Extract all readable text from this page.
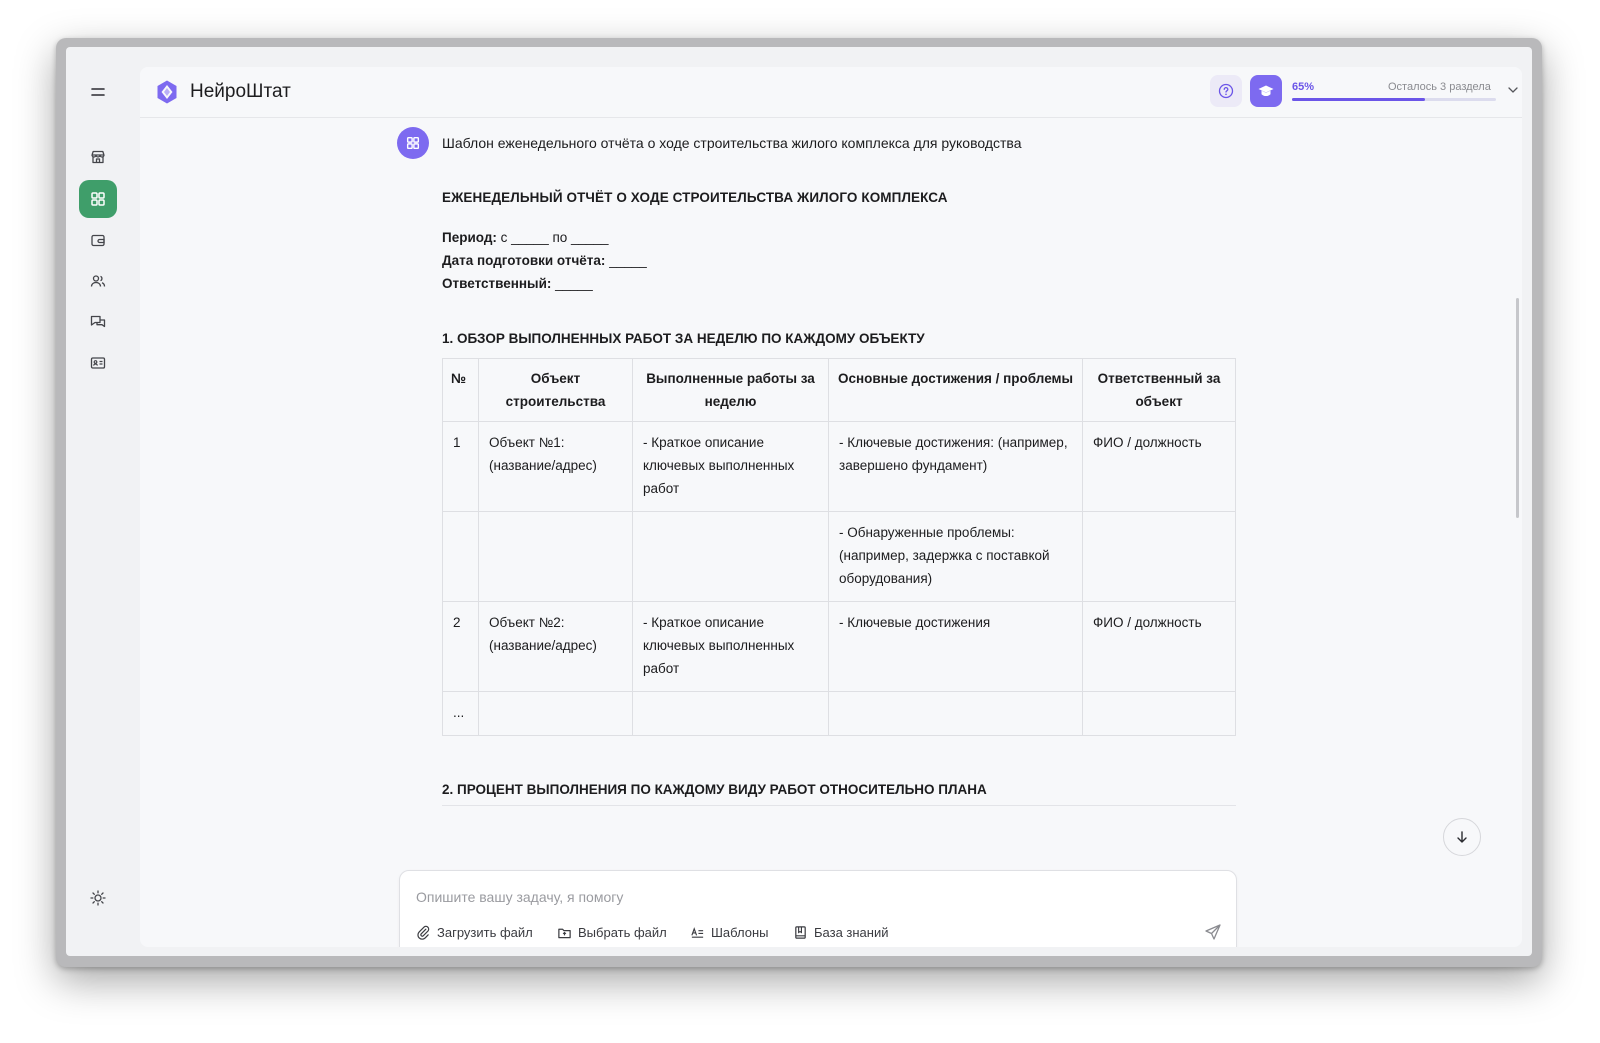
НейроШтат	65%	Осталось 3 раздела
Шаблон еженедельного отчёта о ходе строительства жилого комплекса для руководства
ЕЖЕНЕДЕЛЬНЫЙ ОТЧЁТ О ХОДЕ СТРОИТЕЛЬСТВА ЖИЛОГО КОМПЛЕКСА
Период: с _____ по _____
Дата подготовки отчёта: _____
Ответственный: _____
1. ОБЗОР ВЫПОЛНЕННЫХ РАБОТ ЗА НЕДЕЛЮ ПО КАЖДОМУ ОБЪЕКТУ
№	Объект строительства	Выполненные работы за неделю	Основные достижения / проблемы	Ответственный за объект
1	Объект №1: (название/адрес)	- Краткое описание ключевых выполненных работ	- Ключевые достижения: (например, завершено фундамент)	ФИО / должность
			- Обнаруженные проблемы: (например, задержка с поставкой оборудования)	
2	Объект №2: (название/адрес)	- Краткое описание ключевых выполненных работ	- Ключевые достижения	ФИО / должность
...				
2. ПРОЦЕНТ ВЫПОЛНЕНИЯ ПО КАЖДОМУ ВИДУ РАБОТ ОТНОСИТЕЛЬНО ПЛАНА
Опишите вашу задачу, я помогу
Загрузить файл	Выбрать файл	Шаблоны	База знаний
